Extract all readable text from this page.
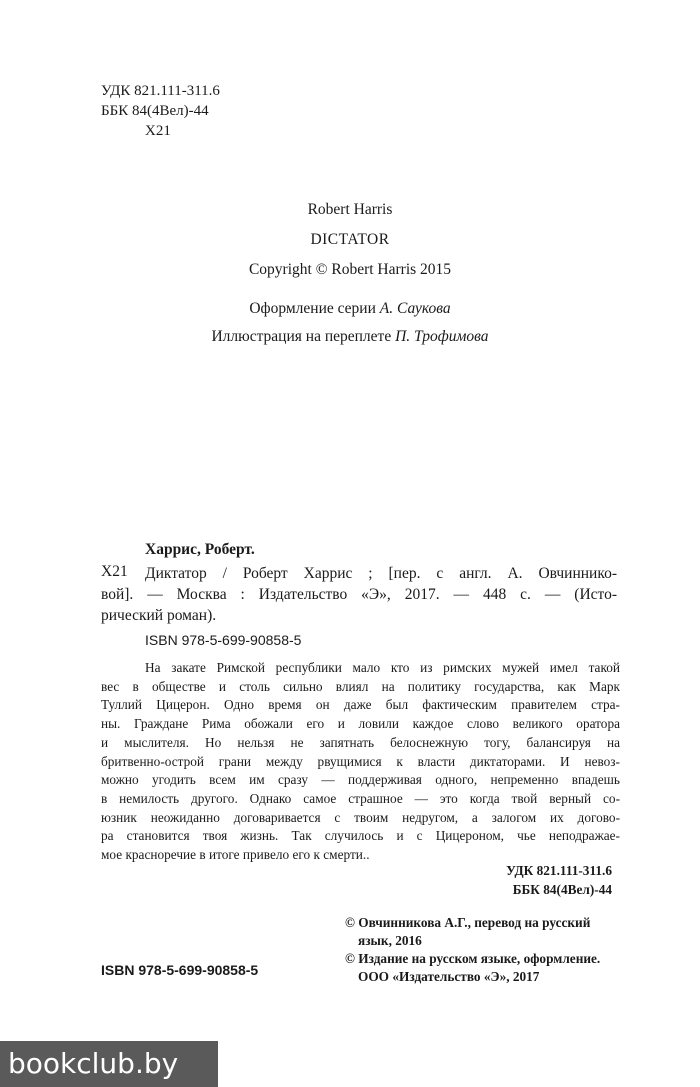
УДК 821.111-311.6
ББК 84(4Вел)-44
Х21
Robert Harris
DICTATOR
Copyright © Robert Harris 2015
Оформление серии А. Саукова
Иллюстрация на переплете П. Трофимова
Харрис, Роберт.
Х21 Диктатор / Роберт Харрис ; [пер. с англ. А. Овчиннико-
вой]. — Москва : Издательство «Э», 2017. — 448 с. — (Исто-
рический роман).
ISBN 978-5-699-90858-5
На закате Римской республики мало кто из римских мужей имел такой
вес в обществе и столь сильно влиял на политику государства, как Марк
Туллий Цицерон. Одно время он даже был фактическим правителем стра-
ны. Граждане Рима обожали его и ловили каждое слово великого оратора
и мыслителя. Но нельзя не запятнать белоснежную тогу, балансируя на
бритвенно-острой грани между рвущимися к власти диктаторами. И невоз-
можно угодить всем им сразу — поддерживая одного, непременно впадешь
в немилость другого. Однако самое страшное — это когда твой верный со-
юзник неожиданно договаривается с твоим недругом, а залогом их догово-
ра становится твоя жизнь. Так случилось и с Цицероном, чье неподражае-
мое красноречие в итоге привело его к смерти..
УДК 821.111-311.6
ББК 84(4Вел)-44
ISBN 978-5-699-90858-5
© Овчинникова А.Г., перевод на русский
язык, 2016
© Издание на русском языке, оформление.
ООО «Издательство «Э», 2017
bookclub.by
